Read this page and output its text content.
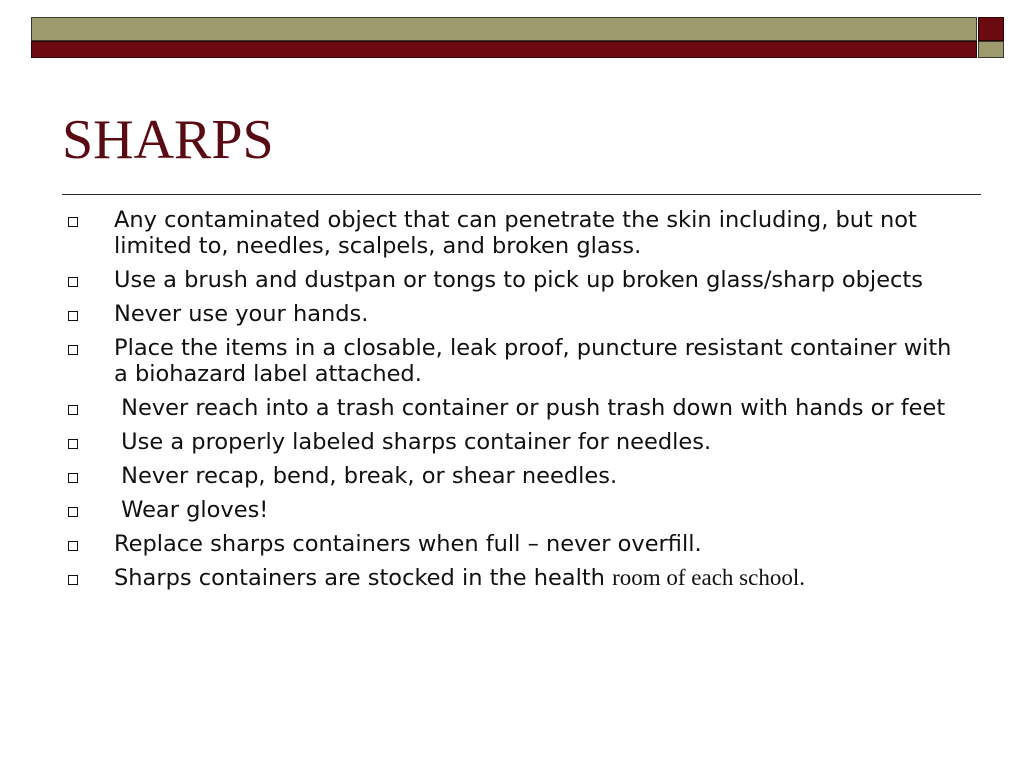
SHARPS
Any contaminated object that can penetrate the skin including, but not limited to, needles, scalpels, and broken glass.
Use a brush and dustpan or tongs to pick up broken glass/sharp objects
Never use your hands.
Place the items in a closable, leak proof, puncture resistant container with a biohazard label attached.
Never reach into a trash container or push trash down with hands or feet
Use a properly labeled sharps container for needles.
Never recap, bend, break, or shear needles.
Wear gloves!
Replace sharps containers when full – never overfill.
Sharps containers are stocked in the health room of each school.
